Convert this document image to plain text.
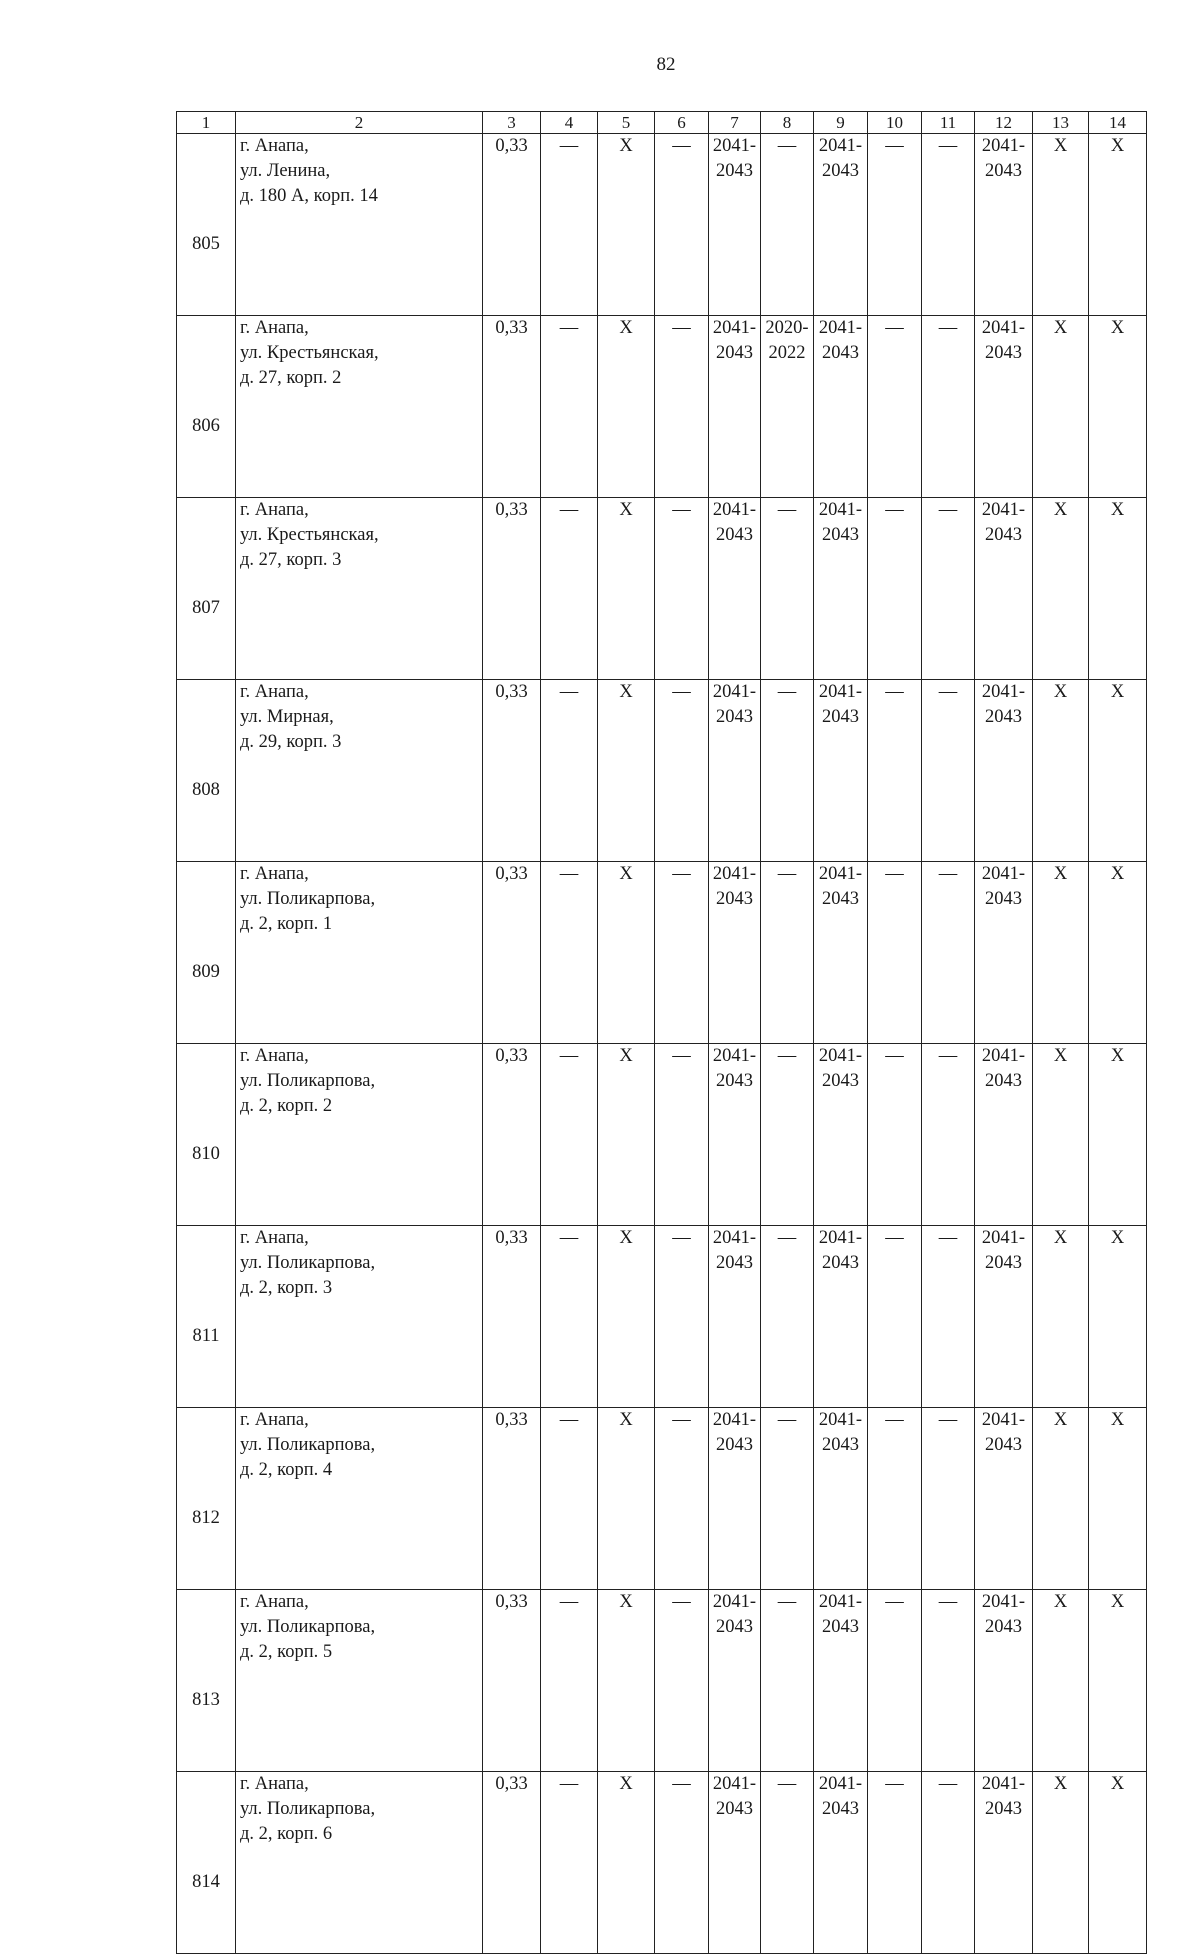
82
1	2	3	4	5	6	7	8	9	10	11	12	13	14
805	г. Анапа,
ул. Ленина,
д. 180 А, корп. 14	0,33	—	X	—	2041-
2043	—	2041-
2043	—	—	2041-
2043	X	X
806	г. Анапа,
ул. Крестьянская,
д. 27, корп. 2	0,33	—	X	—	2041-
2043	2020-
2022	2041-
2043	—	—	2041-
2043	X	X
807	г. Анапа,
ул. Крестьянская,
д. 27, корп. 3	0,33	—	X	—	2041-
2043	—	2041-
2043	—	—	2041-
2043	X	X
808	г. Анапа,
ул. Мирная,
д. 29, корп. 3	0,33	—	X	—	2041-
2043	—	2041-
2043	—	—	2041-
2043	X	X
809	г. Анапа,
ул. Поликарпова,
д. 2, корп. 1	0,33	—	X	—	2041-
2043	—	2041-
2043	—	—	2041-
2043	X	X
810	г. Анапа,
ул. Поликарпова,
д. 2, корп. 2	0,33	—	X	—	2041-
2043	—	2041-
2043	—	—	2041-
2043	X	X
811	г. Анапа,
ул. Поликарпова,
д. 2, корп. 3	0,33	—	X	—	2041-
2043	—	2041-
2043	—	—	2041-
2043	X	X
812	г. Анапа,
ул. Поликарпова,
д. 2, корп. 4	0,33	—	X	—	2041-
2043	—	2041-
2043	—	—	2041-
2043	X	X
813	г. Анапа,
ул. Поликарпова,
д. 2, корп. 5	0,33	—	X	—	2041-
2043	—	2041-
2043	—	—	2041-
2043	X	X
814	г. Анапа,
ул. Поликарпова,
д. 2, корп. 6	0,33	—	X	—	2041-
2043	—	2041-
2043	—	—	2041-
2043	X	X
